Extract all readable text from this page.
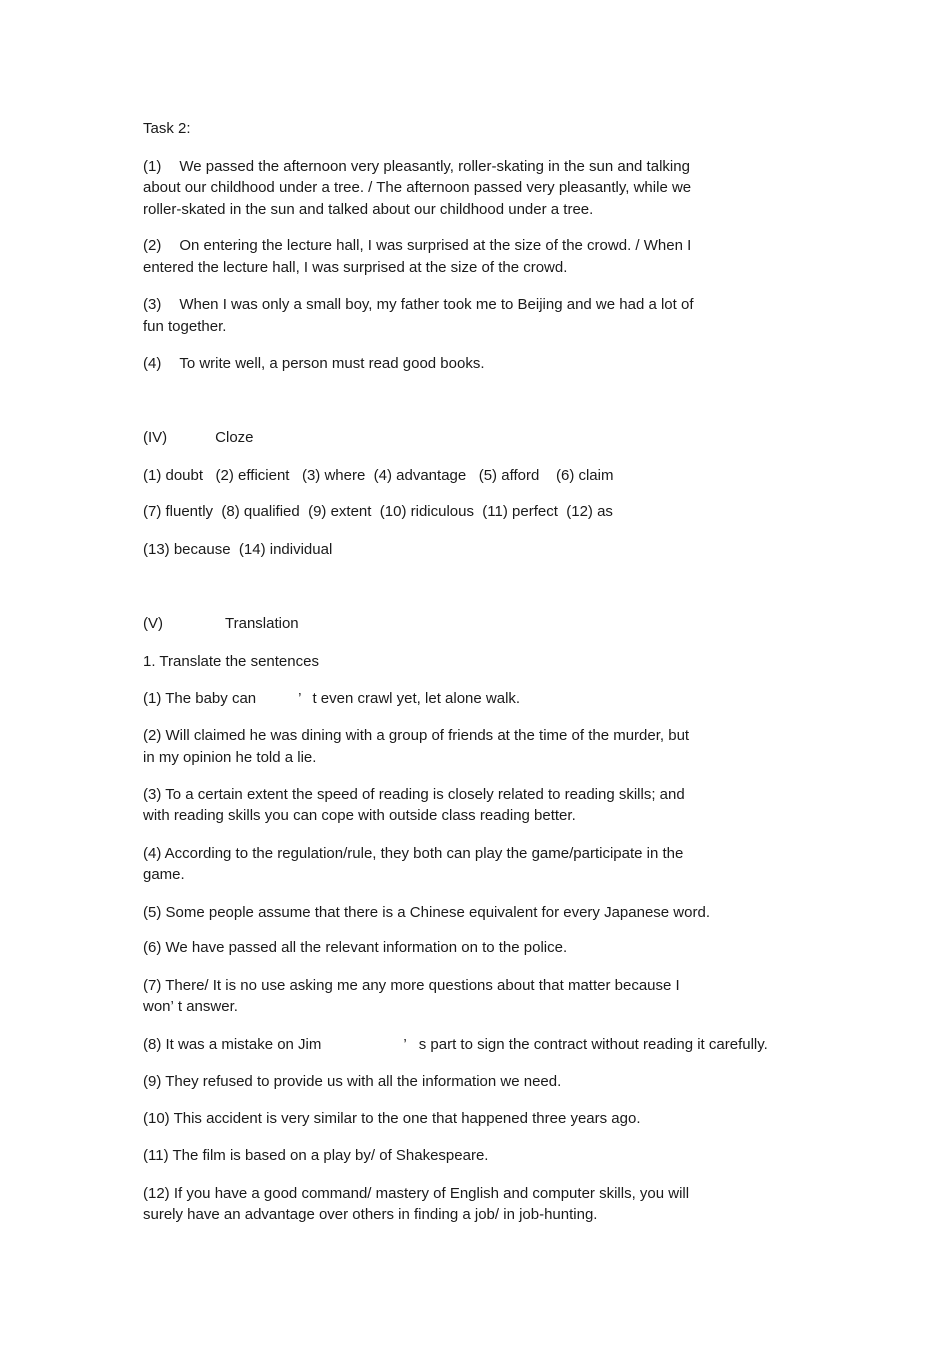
Task 2:
(1) We passed the afternoon very pleasantly, roller-skating in the sun and talking
about our childhood under a tree. / The afternoon passed very pleasantly, while we
roller-skated in the sun and talked about our childhood under a tree.
(2) On entering the lecture hall, I was surprised at the size of the crowd. / When I
entered the lecture hall, I was surprised at the size of the crowd.
(3) When I was only a small boy, my father took me to Beijing and we had a lot of
fun together.
(4) To write well, a person must read good books.
(IV)	Cloze
(1) doubt   (2) efficient   (3) where  (4) advantage   (5) afford    (6) claim
(7) fluently  (8) qualified  (9) extent  (10) ridiculous  (11) perfect  (12) as
(13) because  (14) individual
(V)	Translation
1. Translate the sentences
(1) The baby can	’ t even crawl yet, let alone walk.
(2) Will claimed he was dining with a group of friends at the time of the murder, but
in my opinion he told a lie.
(3) To a certain extent the speed of reading is closely related to reading skills; and
with reading skills you can cope with outside class reading better.
(4) According to the regulation/rule, they both can play the game/participate in the
game.
(5) Some people assume that there is a Chinese equivalent for every Japanese word.
(6) We have passed all the relevant information on to the police.
(7) There/ It is no use asking me any more questions about that matter because I
won’ t answer.
(8) It was a mistake on Jim	’ s part to sign the contract without reading it carefully.
(9) They refused to provide us with all the information we need.
(10) This accident is very similar to the one that happened three years ago.
(11) The film is based on a play by/ of Shakespeare.
(12) If you have a good command/ mastery of English and computer skills, you will
surely have an advantage over others in finding a job/ in job-hunting.
